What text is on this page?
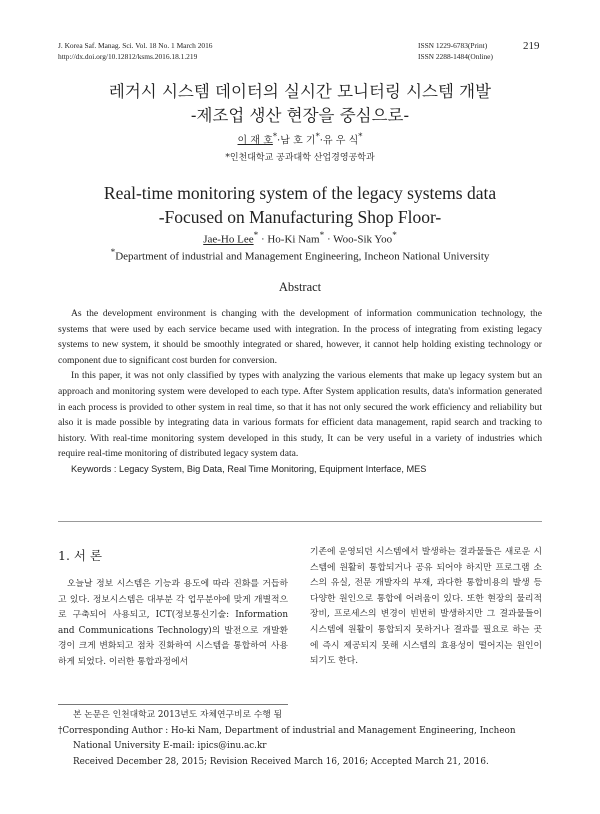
J. Korea Saf. Manag. Sci. Vol. 18 No. 1 March 2016
http://dx.doi.org/10.12812/ksms.2016.18.1.219
ISSN 1229-6783(Print)
ISSN 2288-1484(Online)
219
레거시 시스템 데이터의 실시간 모니터링 시스템 개발
-제조업 생산 현장을 중심으로-
이 재 호*·남 호 기*·유 우 식*
*인천대학교 공과대학 산업경영공학과
Real-time monitoring system of the legacy systems data
-Focused on Manufacturing Shop Floor-
Jae-Ho Lee* · Ho-Ki Nam* · Woo-Sik Yoo*
*Department of industrial and Management Engineering, Incheon National University
Abstract

As the development environment is changing with the development of information communication technology, the systems that were used by each service became used with integration. In the process of integrating from existing legacy systems to new system, it should be smoothly integrated or shared, however, it cannot help holding existing technology or component due to significant cost burden for conversion.

In this paper, it was not only classified by types with analyzing the various elements that make up legacy system but an approach and monitoring system were developed to each type. After System application results, data's information generated in each process is provided to other system in real time, so that it has not only secured the work efficiency and reliability but also it is made possible by integrating data in various formats for efficient data management, rapid search and tracking to history. With real-time monitoring system developed in this study, It can be very useful in a variety of industries which require real-time monitoring of distributed legacy system data.

Keywords : Legacy System, Big Data, Real Time Monitoring, Equipment Interface, MES

1. 서 론

오늘날 정보 시스템은 기능과 용도에 따라 진화를 거듭하고 있다. 정보시스템은 대부분 각 업무분야에 맞게 개별적으로 구축되어 사용되고, ICT(정보통신기술: Information and Communications Technology)의 발전으로 개발환경이 크게 변화되고 점차 진화하여 시스템을 통합하여 사용하게 되었다. 이러한 통합과정에서

기존에 운영되던 시스템에서 발생하는 결과물들은 새로운 시스템에 원활히 통합되거나 공유 되어야 하지만 프로그램 소스의 유실, 전문 개발자의 부재, 과다한 통합비용의 발생 등 다양한 원인으로 통합에 어려움이 있다. 또한 현장의 물리적 장비, 프로세스의 변경이 빈번히 발생하지만 그 결과물들이 시스템에 원활이 통합되지 못하거나 결과를 필요로 하는 곳에 즉시 제공되지 못해 시스템의 효용성이 떨어지는 원인이 되기도 한다.

본 논문은 인천대학교 2013년도 자체연구비로 수행 됨
†Corresponding Author : Ho-ki Nam, Department of industrial and Management Engineering, Incheon
National University E-mail: ipics@inu.ac.kr
Received December 28, 2015; Revision Received March 16, 2016; Accepted March 21, 2016.
